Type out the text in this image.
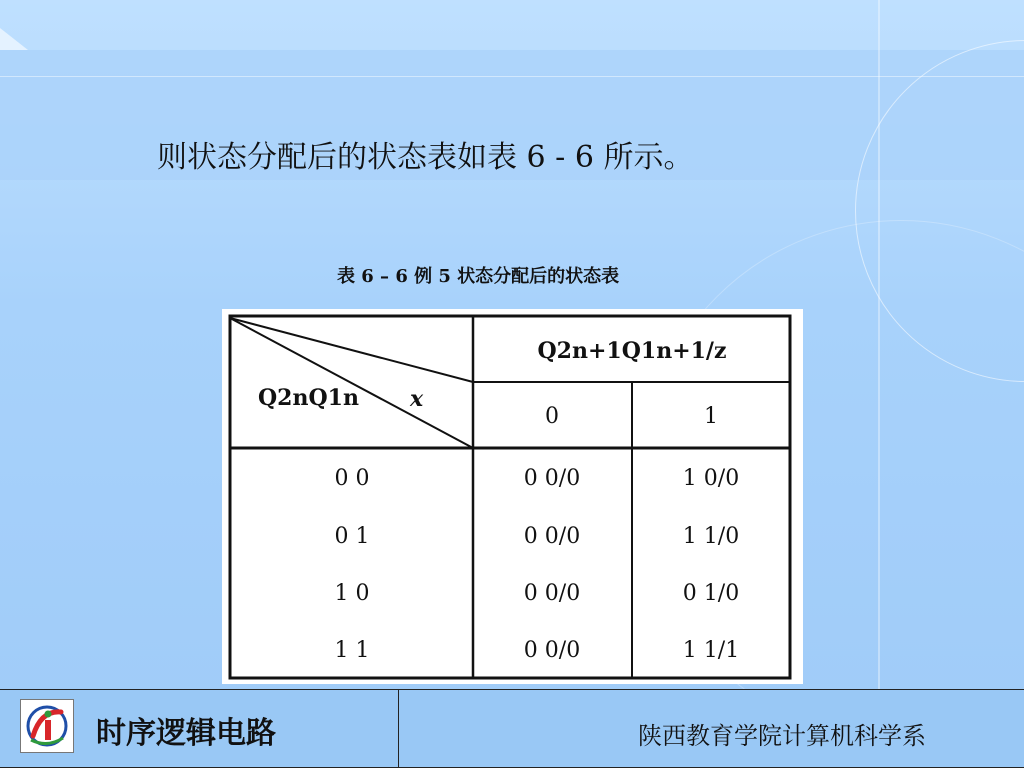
则状态分配后的状态表如表 6 - 6 所示。
表 6 – 6 例 5 状态分配后的状态表
Q2nQ1n x
Q2n+1Q1n+1/z
0	1
0 0	0 0/0	1 0/0
0 1	0 0/0	1 1/0
1 0	0 0/0	0 1/0
1 1	0 0/0	1 1/1
时序逻辑电路	陕西教育学院计算机科学系
